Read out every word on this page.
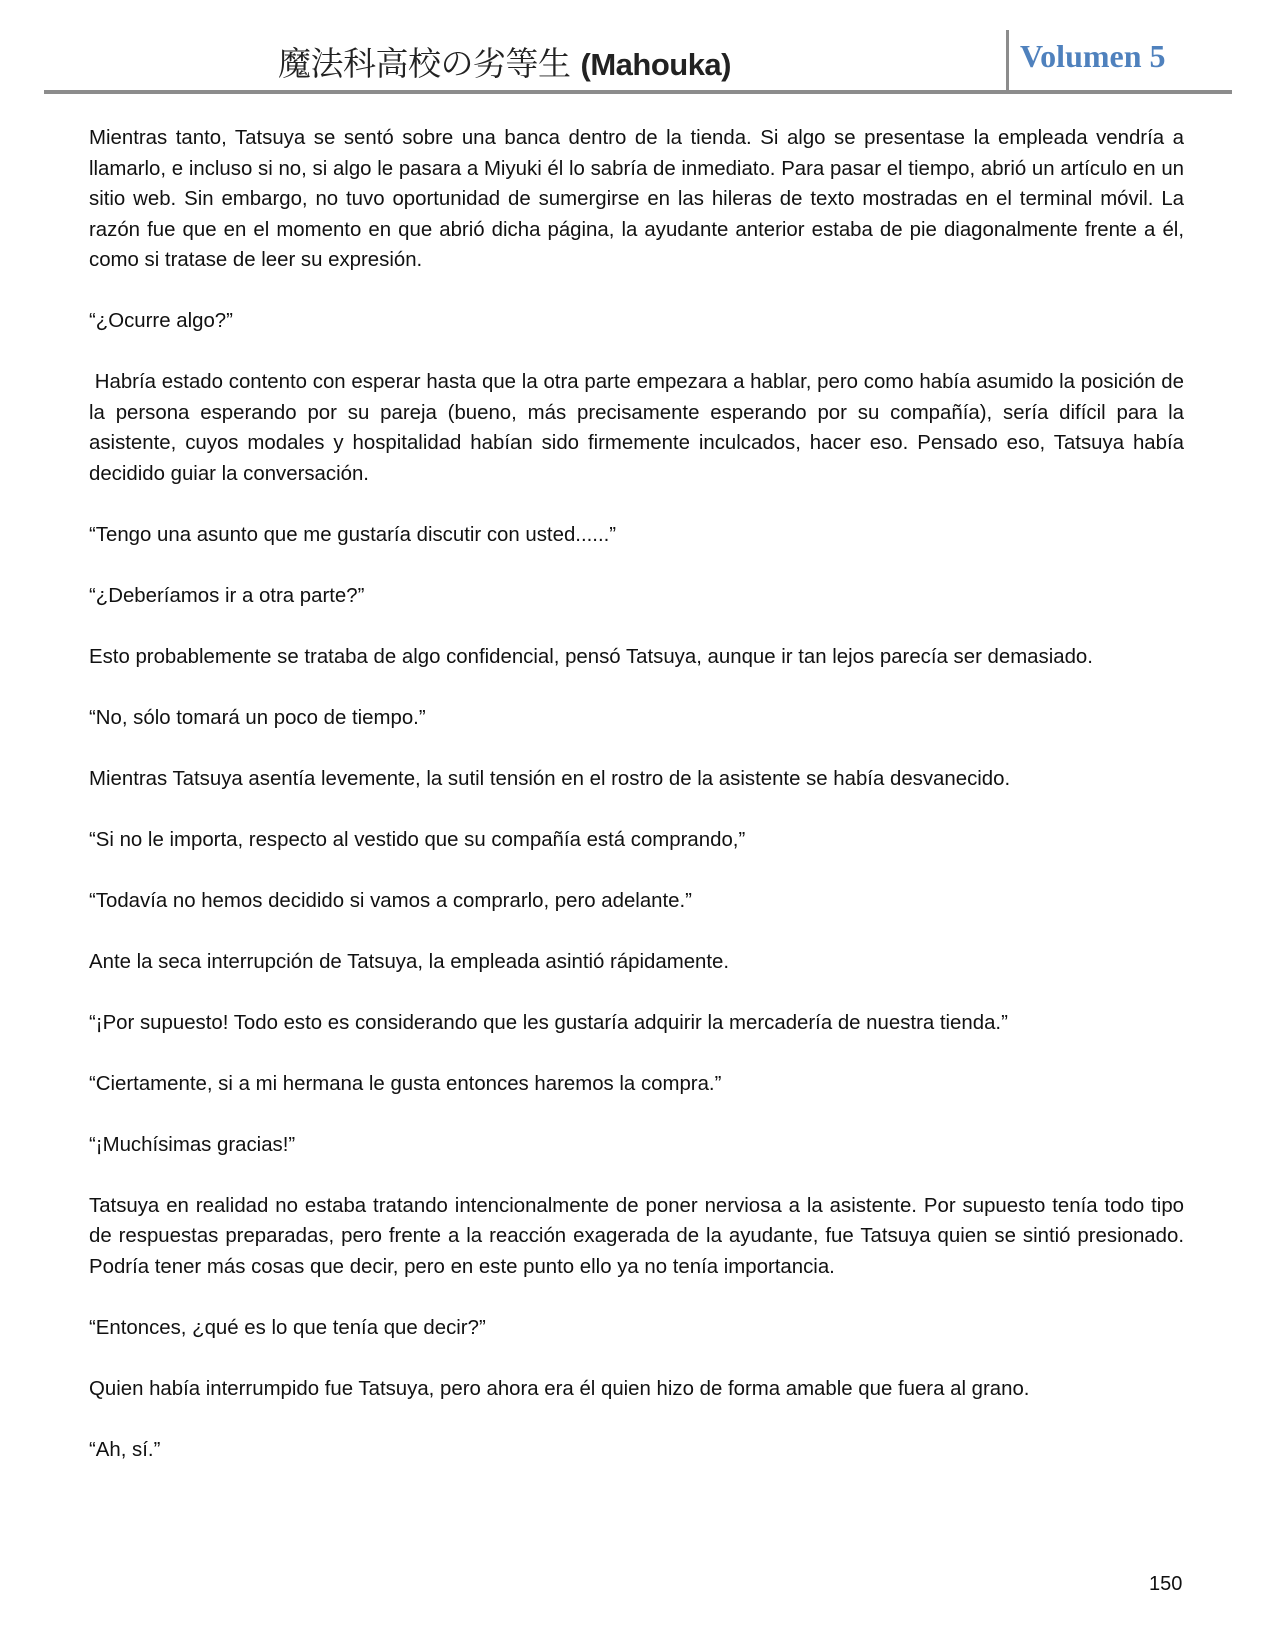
魔法科高校の劣等生 (Mahouka)	Volumen 5

Mientras tanto, Tatsuya se sentó sobre una banca dentro de la tienda. Si algo se presentase la empleada vendría a llamarlo, e incluso si no, si algo le pasara a Miyuki él lo sabría de inmediato. Para pasar el tiempo, abrió un artículo en un sitio web. Sin embargo, no tuvo oportunidad de sumergirse en las hileras de texto mostradas en el terminal móvil. La razón fue que en el momento en que abrió dicha página, la ayudante anterior estaba de pie diagonalmente frente a él, como si tratase de leer su expresión.

“¿Ocurre algo?”

Habría estado contento con esperar hasta que la otra parte empezara a hablar, pero como había asumido la posición de la persona esperando por su pareja (bueno, más precisamente esperando por su compañía), sería difícil para la asistente, cuyos modales y hospitalidad habían sido firmemente inculcados, hacer eso. Pensado eso, Tatsuya había decidido guiar la conversación.

“Tengo una asunto que me gustaría discutir con usted......”

“¿Deberíamos ir a otra parte?”

Esto probablemente se trataba de algo confidencial, pensó Tatsuya, aunque ir tan lejos parecía ser demasiado.

“No, sólo tomará un poco de tiempo.”

Mientras Tatsuya asentía levemente, la sutil tensión en el rostro de la asistente se había desvanecido.

“Si no le importa, respecto al vestido que su compañía está comprando,”

“Todavía no hemos decidido si vamos a comprarlo, pero adelante.”

Ante la seca interrupción de Tatsuya, la empleada asintió rápidamente.

“¡Por supuesto! Todo esto es considerando que les gustaría adquirir la mercadería de nuestra tienda.”

“Ciertamente, si a mi hermana le gusta entonces haremos la compra.”

“¡Muchísimas gracias!”

Tatsuya en realidad no estaba tratando intencionalmente de poner nerviosa a la asistente. Por supuesto tenía todo tipo de respuestas preparadas, pero frente a la reacción exagerada de la ayudante, fue Tatsuya quien se sintió presionado. Podría tener más cosas que decir, pero en este punto ello ya no tenía importancia.

“Entonces, ¿qué es lo que tenía que decir?”

Quien había interrumpido fue Tatsuya, pero ahora era él quien hizo de forma amable que fuera al grano.

“Ah, sí.”

150
